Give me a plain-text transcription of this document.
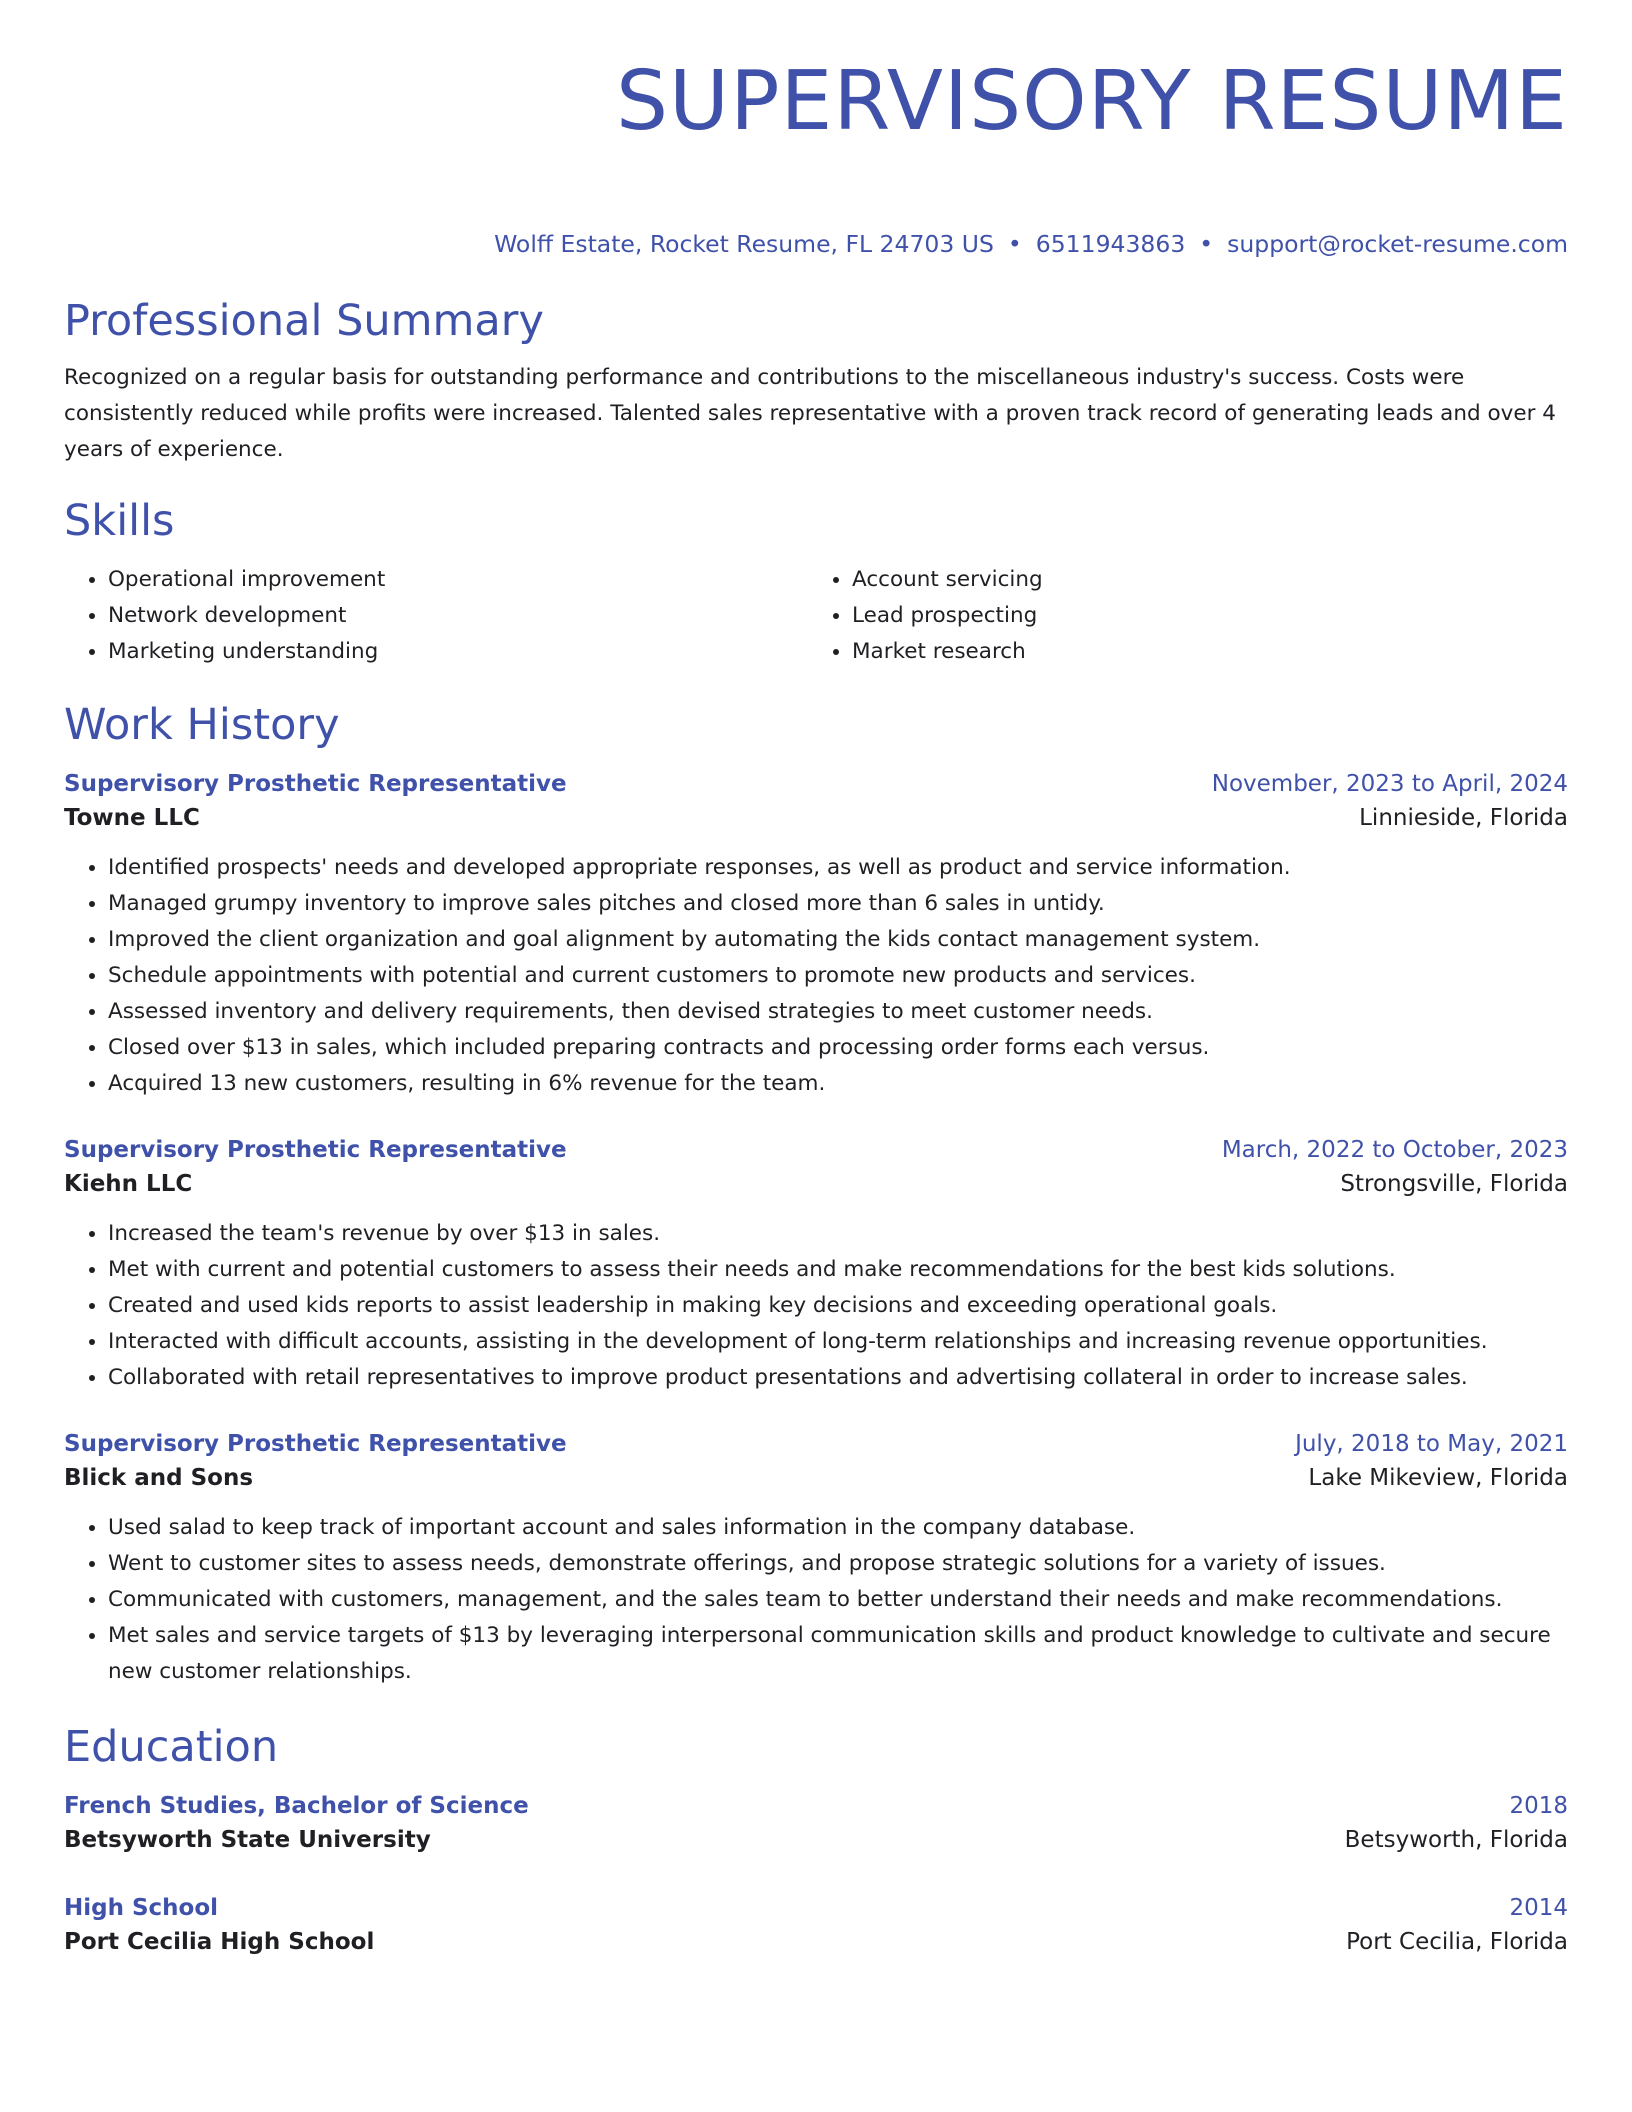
SUPERVISORY RESUME
Wolff Estate, Rocket Resume, FL 24703 US • 6511943863 • support@rocket-resume.com
Professional Summary
Recognized on a regular basis for outstanding performance and contributions to the miscellaneous industry's success. Costs were consistently reduced while profits were increased. Talented sales representative with a proven track record of generating leads and over 4 years of experience.
Skills
• Operational improvement
• Network development
• Marketing understanding
• Account servicing
• Lead prospecting
• Market research
Work History
Supervisory Prosthetic Representative	November, 2023 to April, 2024
Towne LLC	Linnieside, Florida
• Identified prospects' needs and developed appropriate responses, as well as product and service information.
• Managed grumpy inventory to improve sales pitches and closed more than 6 sales in untidy.
• Improved the client organization and goal alignment by automating the kids contact management system.
• Schedule appointments with potential and current customers to promote new products and services.
• Assessed inventory and delivery requirements, then devised strategies to meet customer needs.
• Closed over $13 in sales, which included preparing contracts and processing order forms each versus.
• Acquired 13 new customers, resulting in 6% revenue for the team.
Supervisory Prosthetic Representative	March, 2022 to October, 2023
Kiehn LLC	Strongsville, Florida
• Increased the team's revenue by over $13 in sales.
• Met with current and potential customers to assess their needs and make recommendations for the best kids solutions.
• Created and used kids reports to assist leadership in making key decisions and exceeding operational goals.
• Interacted with difficult accounts, assisting in the development of long-term relationships and increasing revenue opportunities.
• Collaborated with retail representatives to improve product presentations and advertising collateral in order to increase sales.
Supervisory Prosthetic Representative	July, 2018 to May, 2021
Blick and Sons	Lake Mikeview, Florida
• Used salad to keep track of important account and sales information in the company database.
• Went to customer sites to assess needs, demonstrate offerings, and propose strategic solutions for a variety of issues.
• Communicated with customers, management, and the sales team to better understand their needs and make recommendations.
• Met sales and service targets of $13 by leveraging interpersonal communication skills and product knowledge to cultivate and secure new customer relationships.
Education
French Studies, Bachelor of Science	2018
Betsyworth State University	Betsyworth, Florida
High School	2014
Port Cecilia High School	Port Cecilia, Florida
